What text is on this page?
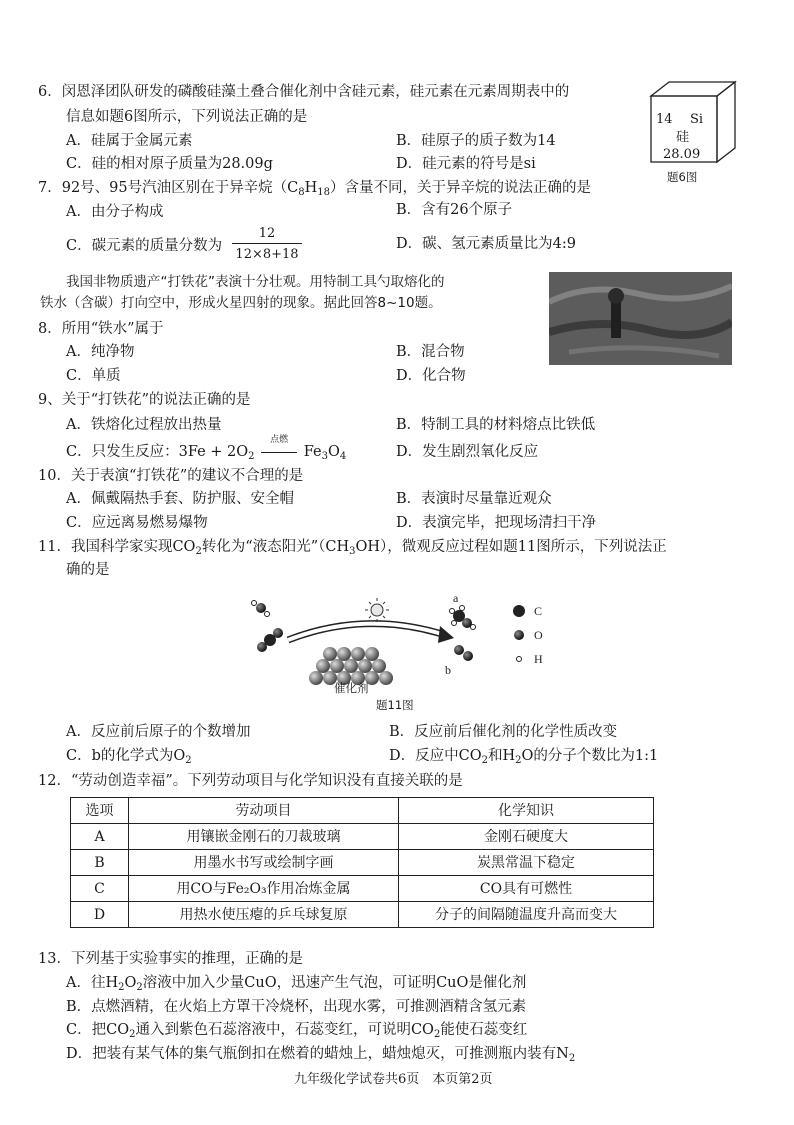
6．闵恩泽团队研发的磷酸硅藻土叠合催化剂中含硅元素，硅元素在元素周期表中的
信息如题6图所示，下列说法正确的是
A．硅属于金属元素	B．硅原子的质子数为14
C．硅的相对原子质量为28.09g	D．硅元素的符号是si
14 Si
硅
28.09
题6图
7．92号、95号汽油区别在于异辛烷$(C_8H_{18})$含量不同，关于异辛烷的说法正确的是
A．由分子构成	B．含有26个原子
C．碳元素的质量分数为
12
12×8+18
D．碳、氢元素质量比为4:9
我国非物质遗产“打铁花”表演十分壮观。用特制工具勺取熔化的
铁水（含碳）打向空中，形成火星四射的现象。据此回答8~10题。
8．所用“铁水”属于
A．纯净物	B．混合物
C．单质	D．化合物
9、关于“打铁花”的说法正确的是
A．铁熔化过程放出热量	B．特制工具的材料熔点比铁低
C．只发生反应：$3Fe + 2O_2$
点燃
$Fe_3O_4$	D．发生剧烈氧化反应
10．关于表演“打铁花”的建议不合理的是
A．佩戴隔热手套、防护服、安全帽	B．表演时尽量靠近观众
C．应远离易燃易爆物	D．表演完毕，把现场清扫干净
11．我国科学家实现$CO_2$转化为“液态阳光$”(CH_3OH)$，微观反应过程如题11图所示，下列说法正
确的是
a
b
C
O
H
催化剂
题11图
A．反应前后原子的个数增加	B．反应前后催化剂的化学性质改变
C．b的化学式为$O_2$	D．反应中$CO_2$和$H_2O$的分子个数比为1:1
12．“劳动创造幸福”。下列劳动项目与化学知识没有直接关联的是
选项	劳动项目	化学知识
A	用镶嵌金刚石的刀裁玻璃	金刚石硬度大
B	用墨水书写或绘制字画	炭黑常温下稳定
C	用CO与Fe₂O₃作用冶炼金属	CO具有可燃性
D	用热水使压瘪的乒乓球复原	分子的间隔随温度升高而变大
13．下列基于实验事实的推理，正确的是
A．往$H_2O_2$溶液中加入少量CuO，迅速产生气泡，可证明CuO是催化剂
B．点燃酒精，在火焰上方罩干冷烧杯，出现水雾，可推测酒精含氢元素
C．把$CO_2$通入到紫色石蕊溶液中，石蕊变红，可说明$CO_2$能使石蕊变红
D．把装有某气体的集气瓶倒扣在燃着的蜡烛上，蜡烛熄灭，可推测瓶内装有$N_2$
九年级化学试卷共6页　本页第2页
